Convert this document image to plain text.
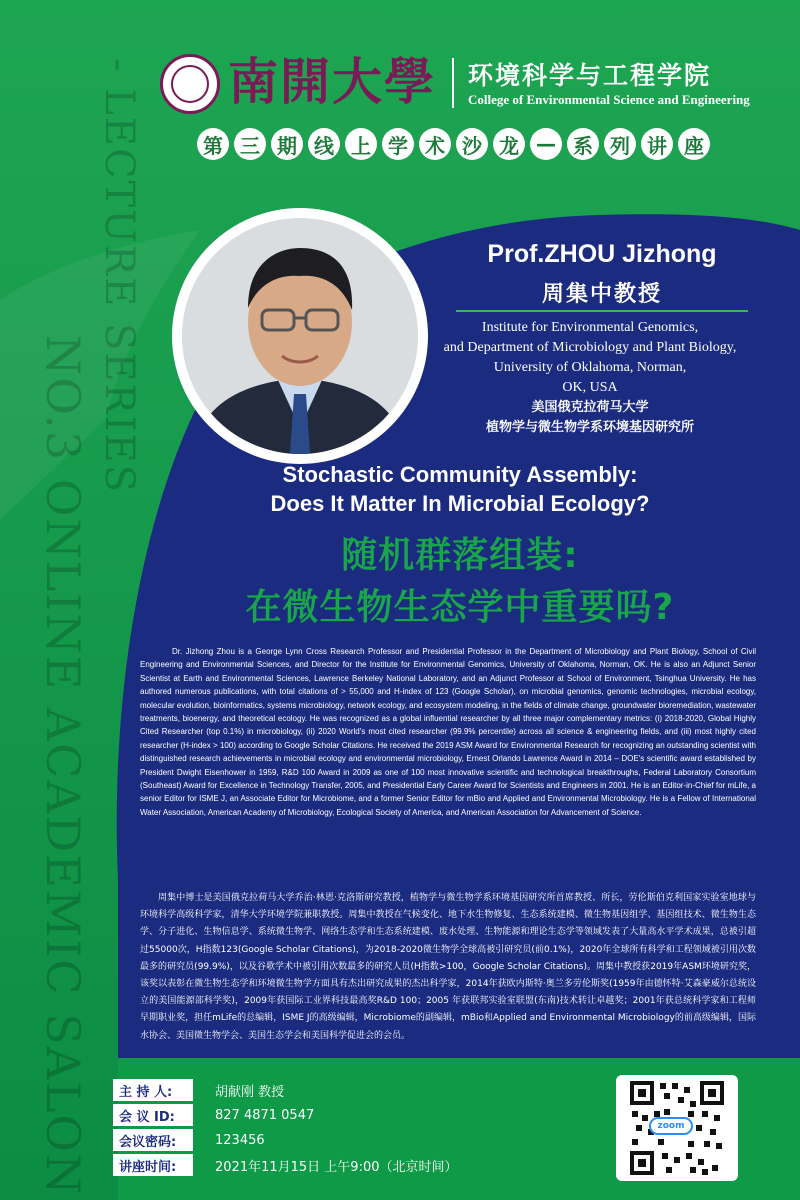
NO.3 ONLINE ACADEMIC SALON
- LECTURE SERIES 南開大學 环境科学与工程学院
College of Environmental Science and Engineering
第 三 期 线 上 学 术 沙 龙 — 系 列 讲 座
Prof.ZHOU Jizhong
周集中教授
Institute for Environmental Genomics,
and Department of Microbiology and Plant Biology,
University of Oklahoma, Norman,
OK, USA
美国俄克拉荷马大学
植物学与微生物学系环境基因研究所
Stochastic Community Assembly:
Does It Matter In Microbial Ecology?
随机群落组装:
在微生物生态学中重要吗?

Dr. Jizhong Zhou is a George Lynn Cross Research Professor and Presidential Professor in the Department of Microbiology and Plant Biology, School of Civil Engineering and Environmental Sciences, and Director for the Institute for Environmental Genomics, University of Oklahoma, Norman, OK. He is also an Adjunct Senior Scientist at Earth and Environmental Sciences, Lawrence Berkeley National Laboratory, and an Adjunct Professor at School of Environment, Tsinghua University. He has authored numerous publications, with total citations of > 55,000 and H-index of 123 (Google Scholar), on microbial genomics, genomic technologies, microbial ecology, molecular evolution, bioinformatics, systems microbiology, network ecology, and ecosystem modeling, in the fields of climate change, groundwater bioremediation, wastewater treatments, bioenergy, and theoretical ecology. He was recognized as a global influential researcher by all three major complementary metrics: (i) 2018-2020, Global Highly Cited Researcher (top 0.1%) in microbiology, (ii) 2020 World's most cited researcher (99.9% percentile) across all science & engineering fields, and (iii) most highly cited researcher (H-index > 100) according to Google Scholar Citations. He received the 2019 ASM Award for Environmental Research for recognizing an outstanding scientist with distinguished research achievements in microbial ecology and environmental microbiology, Ernest Orlando Lawrence Award in 2014 – DOE's scientific award established by President Dwight Eisenhower in 1959, R&D 100 Award in 2009 as one of 100 most innovative scientific and technological breakthroughs, Federal Laboratory Consortium (Southeast) Award for Excellence in Technology Transfer, 2005, and Presidential Early Career Award for Scientists and Engineers in 2001. He is an Editor-in-Chief for mLife, a senior Editor for ISME J, an Associate Editor for Microbiome, and a former Senior Editor for mBio and Applied and Environmental Microbiology. He is a Fellow of International Water Association, American Academy of Microbiology, Ecological Society of America, and American Association for Advancement of Science.

周集中博士是美国俄克拉荷马大学乔治·林恩·克洛斯研究教授，植物学与微生物学系环境基因研究所首席教授、所长，劳伦斯伯克利国家实验室地球与环境科学高级科学家，清华大学环境学院兼职教授。周集中教授在气候变化、地下水生物修复、生态系统建模、微生物基因组学、基因组技术、微生物生态学、分子进化、生物信息学、系统微生物学、网络生态学和生态系统建模、废水处理、生物能源和理论生态学等领域发表了大量高水平学术成果，总被引超过55000次，H指数123(Google Scholar Citations)，为2018-2020微生物学全球高被引研究员(前0.1%)，2020年全球所有科学和工程领域被引用次数最多的研究员(99.9%)，以及谷歌学术中被引用次数最多的研究人员(H指数>100，Google Scholar Citations)。周集中教授获2019年ASM环境研究奖，该奖以表彰在微生物生态学和环境微生物学方面具有杰出研究成果的杰出科学家，2014年获欧内斯特·奥兰多劳伦斯奖(1959年由德怀特·艾森豪威尔总统设立的美国能源部科学奖)，2009年获国际工业界科技最高奖R&D 100；2005 年获联邦实验室联盟(东南)技术转让卓越奖；2001年获总统科学家和工程师早期职业奖，担任mLife的总编辑，ISME J的高级编辑，Microbiome的副编辑，mBio和Applied and Environmental Microbiology的前高级编辑，国际水协会、美国微生物学会、美国生态学会和美国科学促进会的会员。

主 持 人:	胡献刚 教授
会 议 ID:	827 4871 0547
会议密码:	123456
讲座时间:	2021年11月15日 上午9:00（北京时间）
zoom
